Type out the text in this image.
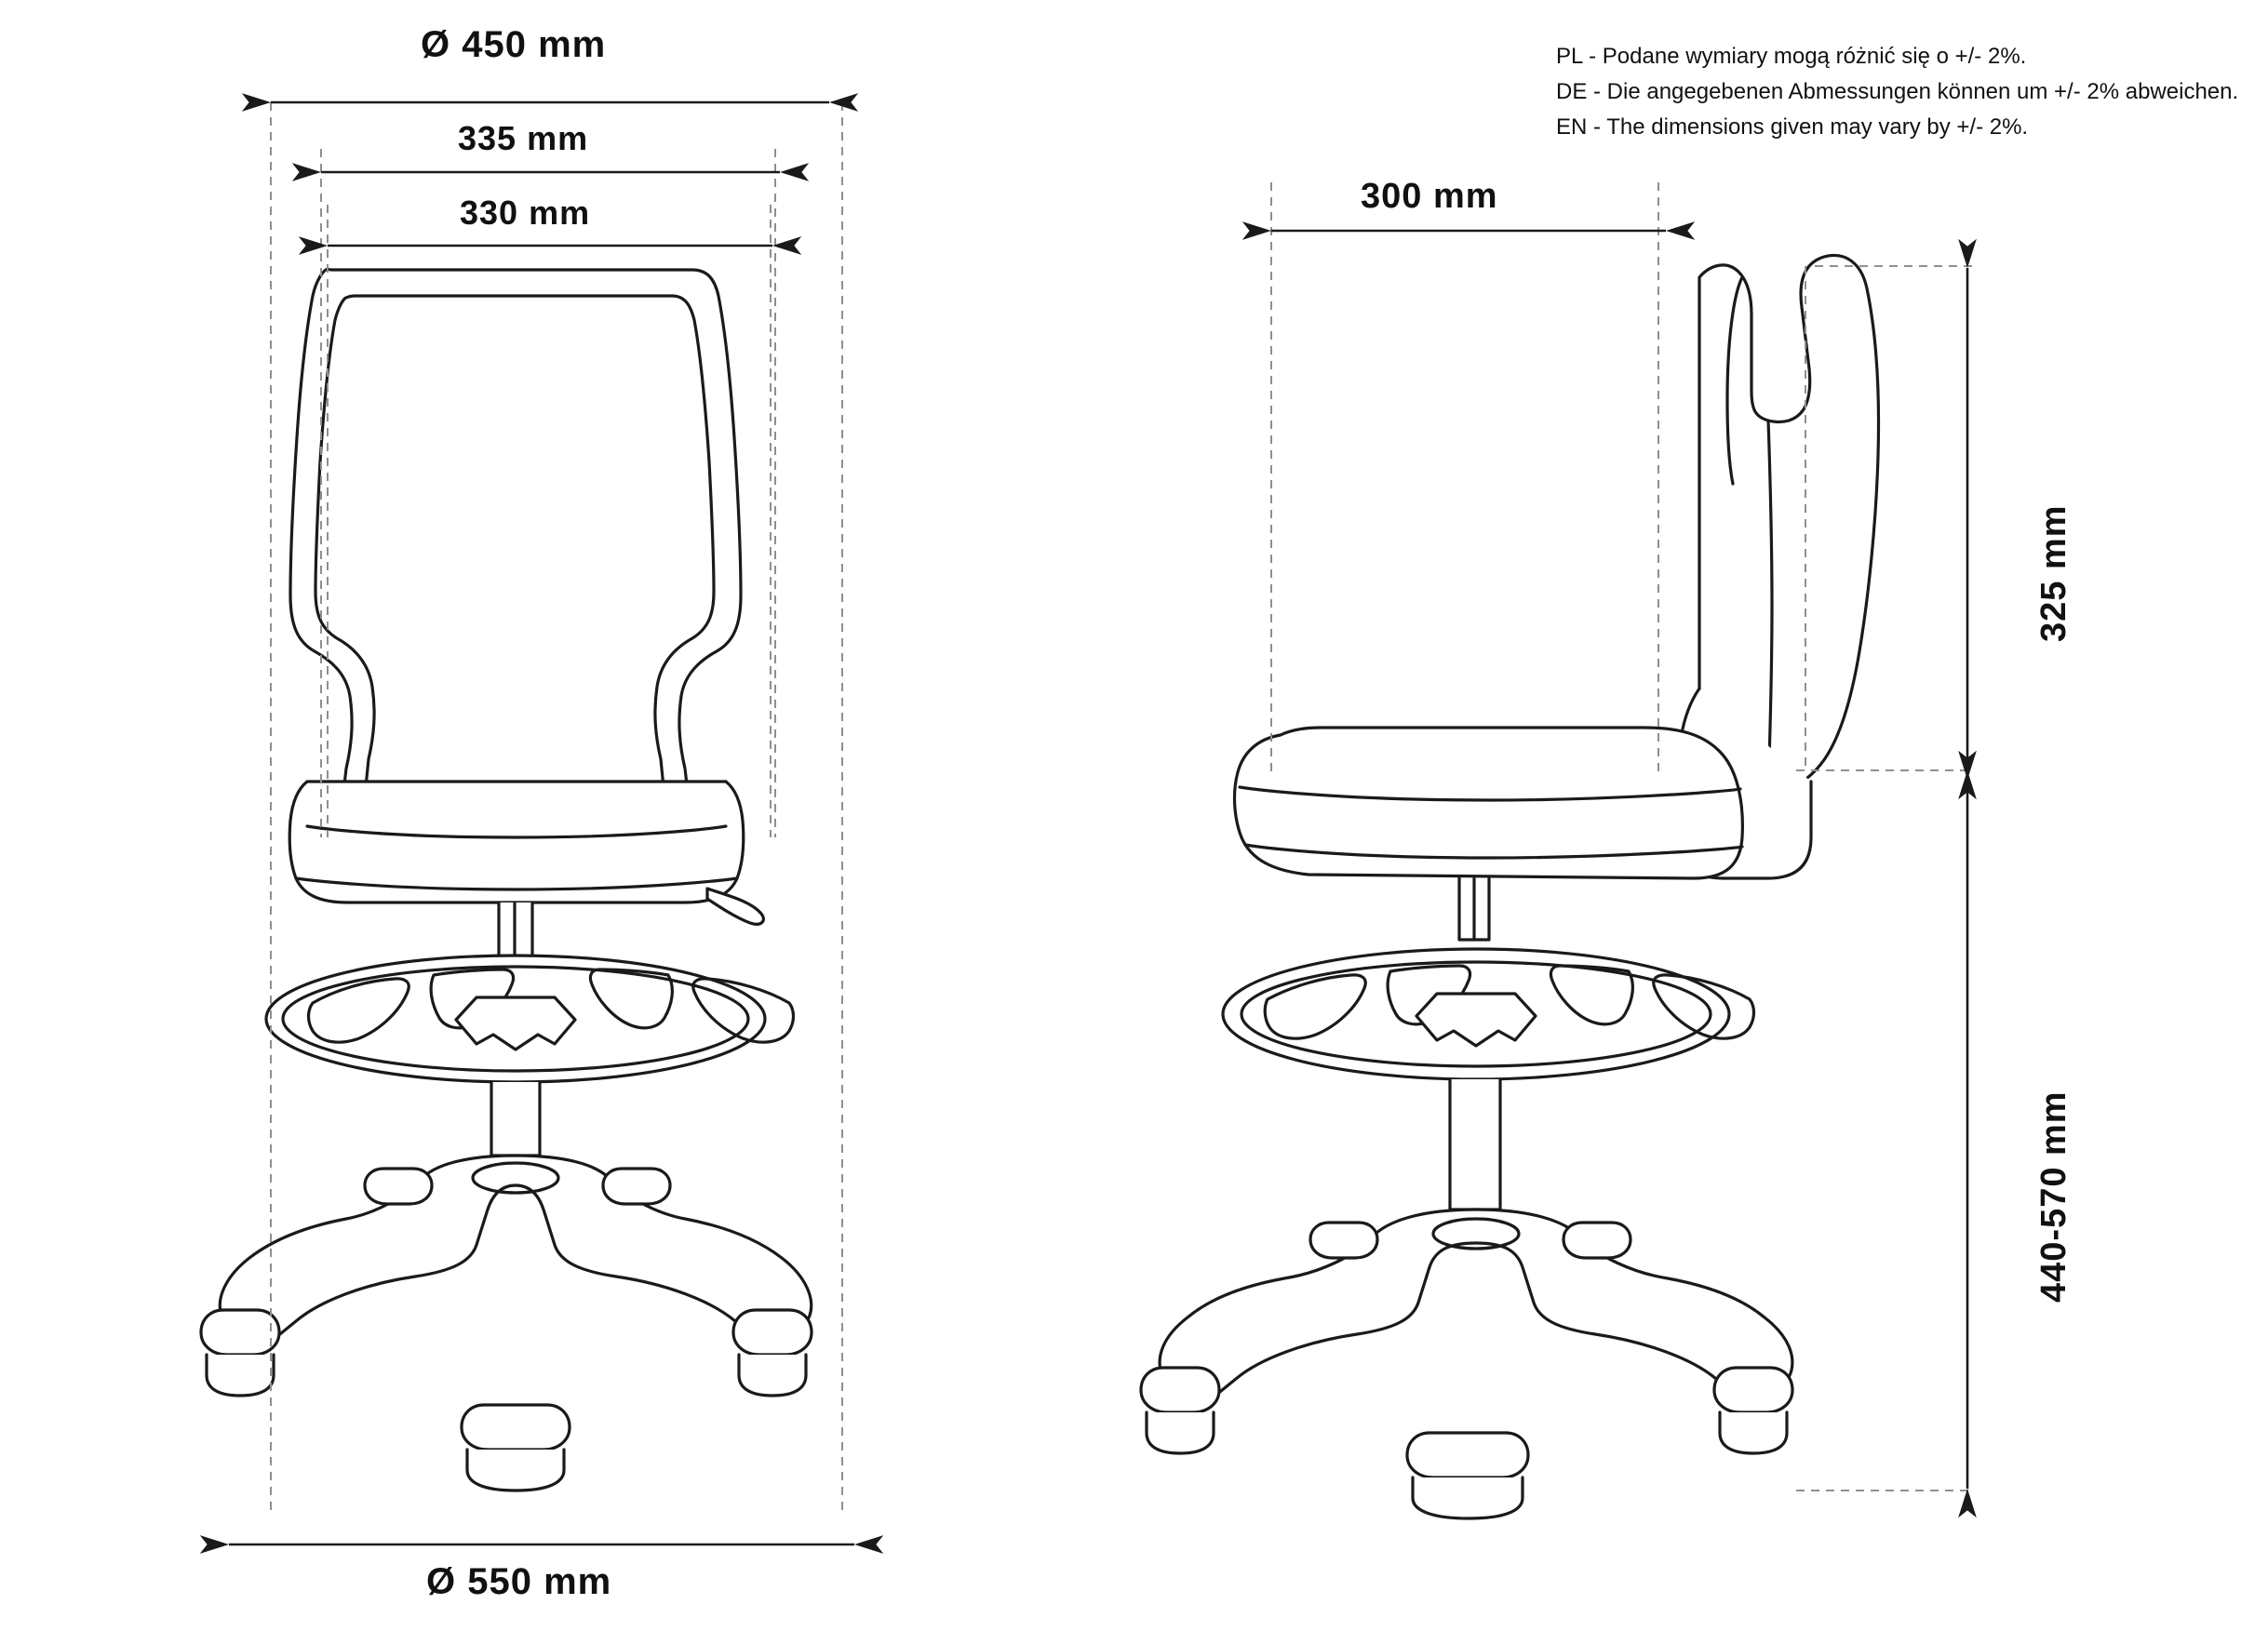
Ø 450 mm
335 mm
330 mm
Ø 550 mm
300 mm
325 mm
440-570 mm
PL - Podane wymiary mogą różnić się o +/- 2%.
DE - Die angegebenen Abmessungen können um +/- 2% abweichen.
EN - The dimensions given may vary by +/- 2%.
